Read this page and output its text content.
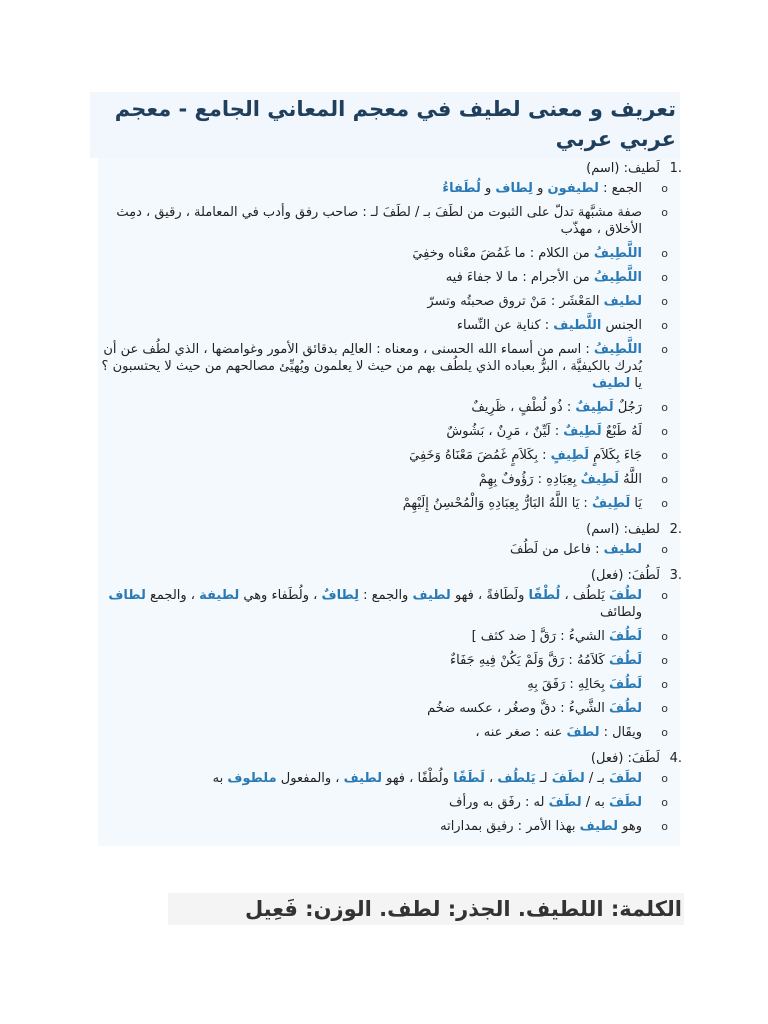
تعريف و معنى لطيف في معجم المعاني الجامع - معجم عربي عربي
1.
لَطيف: (اسم)
o الجمع : لطيفون و لِطاف و لُطَفاءُ
o صفة مشبَّهة تدلّ على الثبوت من لطَفَ بـ / لطَفَ لـ : صاحب رفق وأدب في المعاملة ، رقيق ، دمِث الأخلاق ، مهذّب
o اللَّطِيفُ من الكلام : ما غَمُضَ معْناه وخفِيَ
o اللَّطِيفُ من الأجرام : ما لا جفاءَ فيه
o لطيف المَعْشَر : مَنْ تروق صحبتُه وتسرّ
o الجنس اللَّطيف : كناية عن النِّساء
o اللَّطِيفُ : اسم من أسماء الله الحسنى ، ومعناه : العالِم بدقائق الأمور وغوامضها ، الذي لطُف عن أن يُدرك بالكيفيَّة ، البرُّ بعباده الذي يلطُف بهم من حيث لا يعلمون ويُهيِّئ مصالحهم من حيث لا يحتسبون ؟ يا لطيف
o رَجُلٌ لَطِيفٌ : ذُو لُطْفٍ ، ظَرِيفٌ
o لَهُ طَبْعٌ لَطِيفٌ : لَيِّنٌ ، مَرِنٌ ، بَشُوشٌ
o جَاءَ بِكَلاَمٍ لَطِيفٍ : بِكَلاَمٍ غَمُضَ مَعْنَاهُ وَخَفِيَ
o اللَّهُ لَطِيفٌ بِعِبَادِهِ : رَؤُوفٌ بِهِمْ
o يَا لَطِيفُ : يَا اللَّهُ البَارُّ بِعِبَادِهِ وَالْمُحْسِنُ إِلَيْهِمْ
2.
لطيف: (اسم)
o لطيف : فاعل من لَطُفَ
3.
لَطُفَ: (فعل)
o لطُفَ يَلطُف ، لُطْفًا ولَطَافةً ، فهو لطيف والجمع : لِطافٌ ، ولُطَفاء وهي لطيفة ، والجمع لطاف ولطائف
o لَطُفَ الشيءُ : رَقَّ [ ضد كثف ]
o لَطُفَ كَلاَمُهُ : رَقَّ وَلَمْ يَكُنْ فِيهِ جَفَاءٌ
o لَطُفَ بِحَالِهِ : رَفَقَ بِهِ
o لطُفَ الشَّيءُ : دقَّ وصغُر ، عكسه ضخُم
o ويقَال : لطفَ عنه : صغر عنه ،
4.
لَطَفَ: (فعل)
o لطَفَ بـ / لطَفَ لـ يَلطُف ، لَطَفًا ولُطْفًا ، فهو لطيف ، والمفعول ملطوف به
o لطَفَ به / لطَفَ له : رفَق به ورأف
o وهو لطيف بهذا الأمر : رفيق بمداراته
الكلمة: اللطيف. الجذر: لطف. الوزن: فَعِيل
